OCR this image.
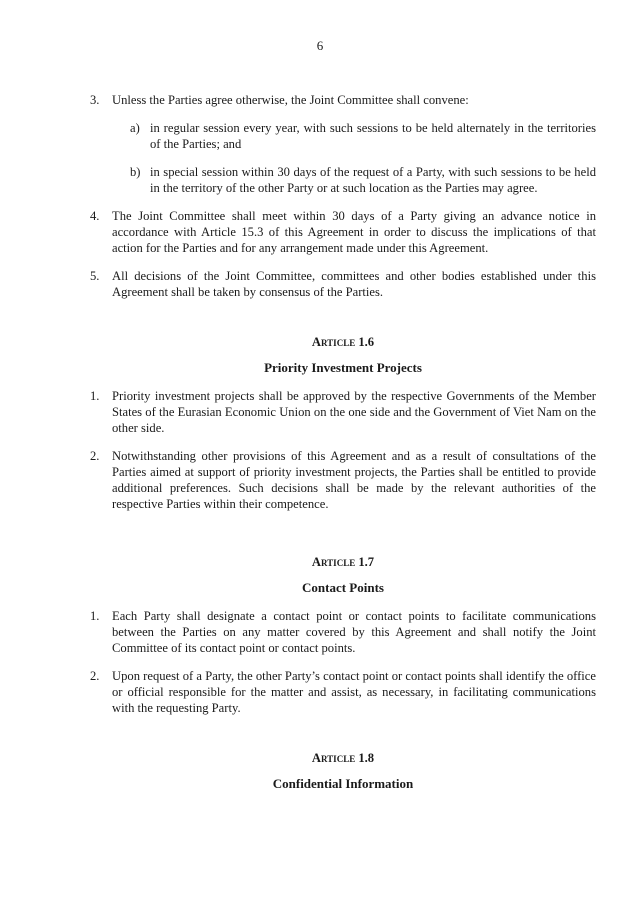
6
3. Unless the Parties agree otherwise, the Joint Committee shall convene:
a) in regular session every year, with such sessions to be held alternately in the territories of the Parties; and
b) in special session within 30 days of the request of a Party, with such sessions to be held in the territory of the other Party or at such location as the Parties may agree.
4. The Joint Committee shall meet within 30 days of a Party giving an advance notice in accordance with Article 15.3 of this Agreement in order to discuss the implications of that action for the Parties and for any arrangement made under this Agreement.
5. All decisions of the Joint Committee, committees and other bodies established under this Agreement shall be taken by consensus of the Parties.
Article 1.6
Priority Investment Projects
1. Priority investment projects shall be approved by the respective Governments of the Member States of the Eurasian Economic Union on the one side and the Government of Viet Nam on the other side.
2. Notwithstanding other provisions of this Agreement and as a result of consultations of the Parties aimed at support of priority investment projects, the Parties shall be entitled to provide additional preferences. Such decisions shall be made by the relevant authorities of the respective Parties within their competence.
Article 1.7
Contact Points
1. Each Party shall designate a contact point or contact points to facilitate communications between the Parties on any matter covered by this Agreement and shall notify the Joint Committee of its contact point or contact points.
2. Upon request of a Party, the other Party’s contact point or contact points shall identify the office or official responsible for the matter and assist, as necessary, in facilitating communications with the requesting Party.
Article 1.8
Confidential Information
